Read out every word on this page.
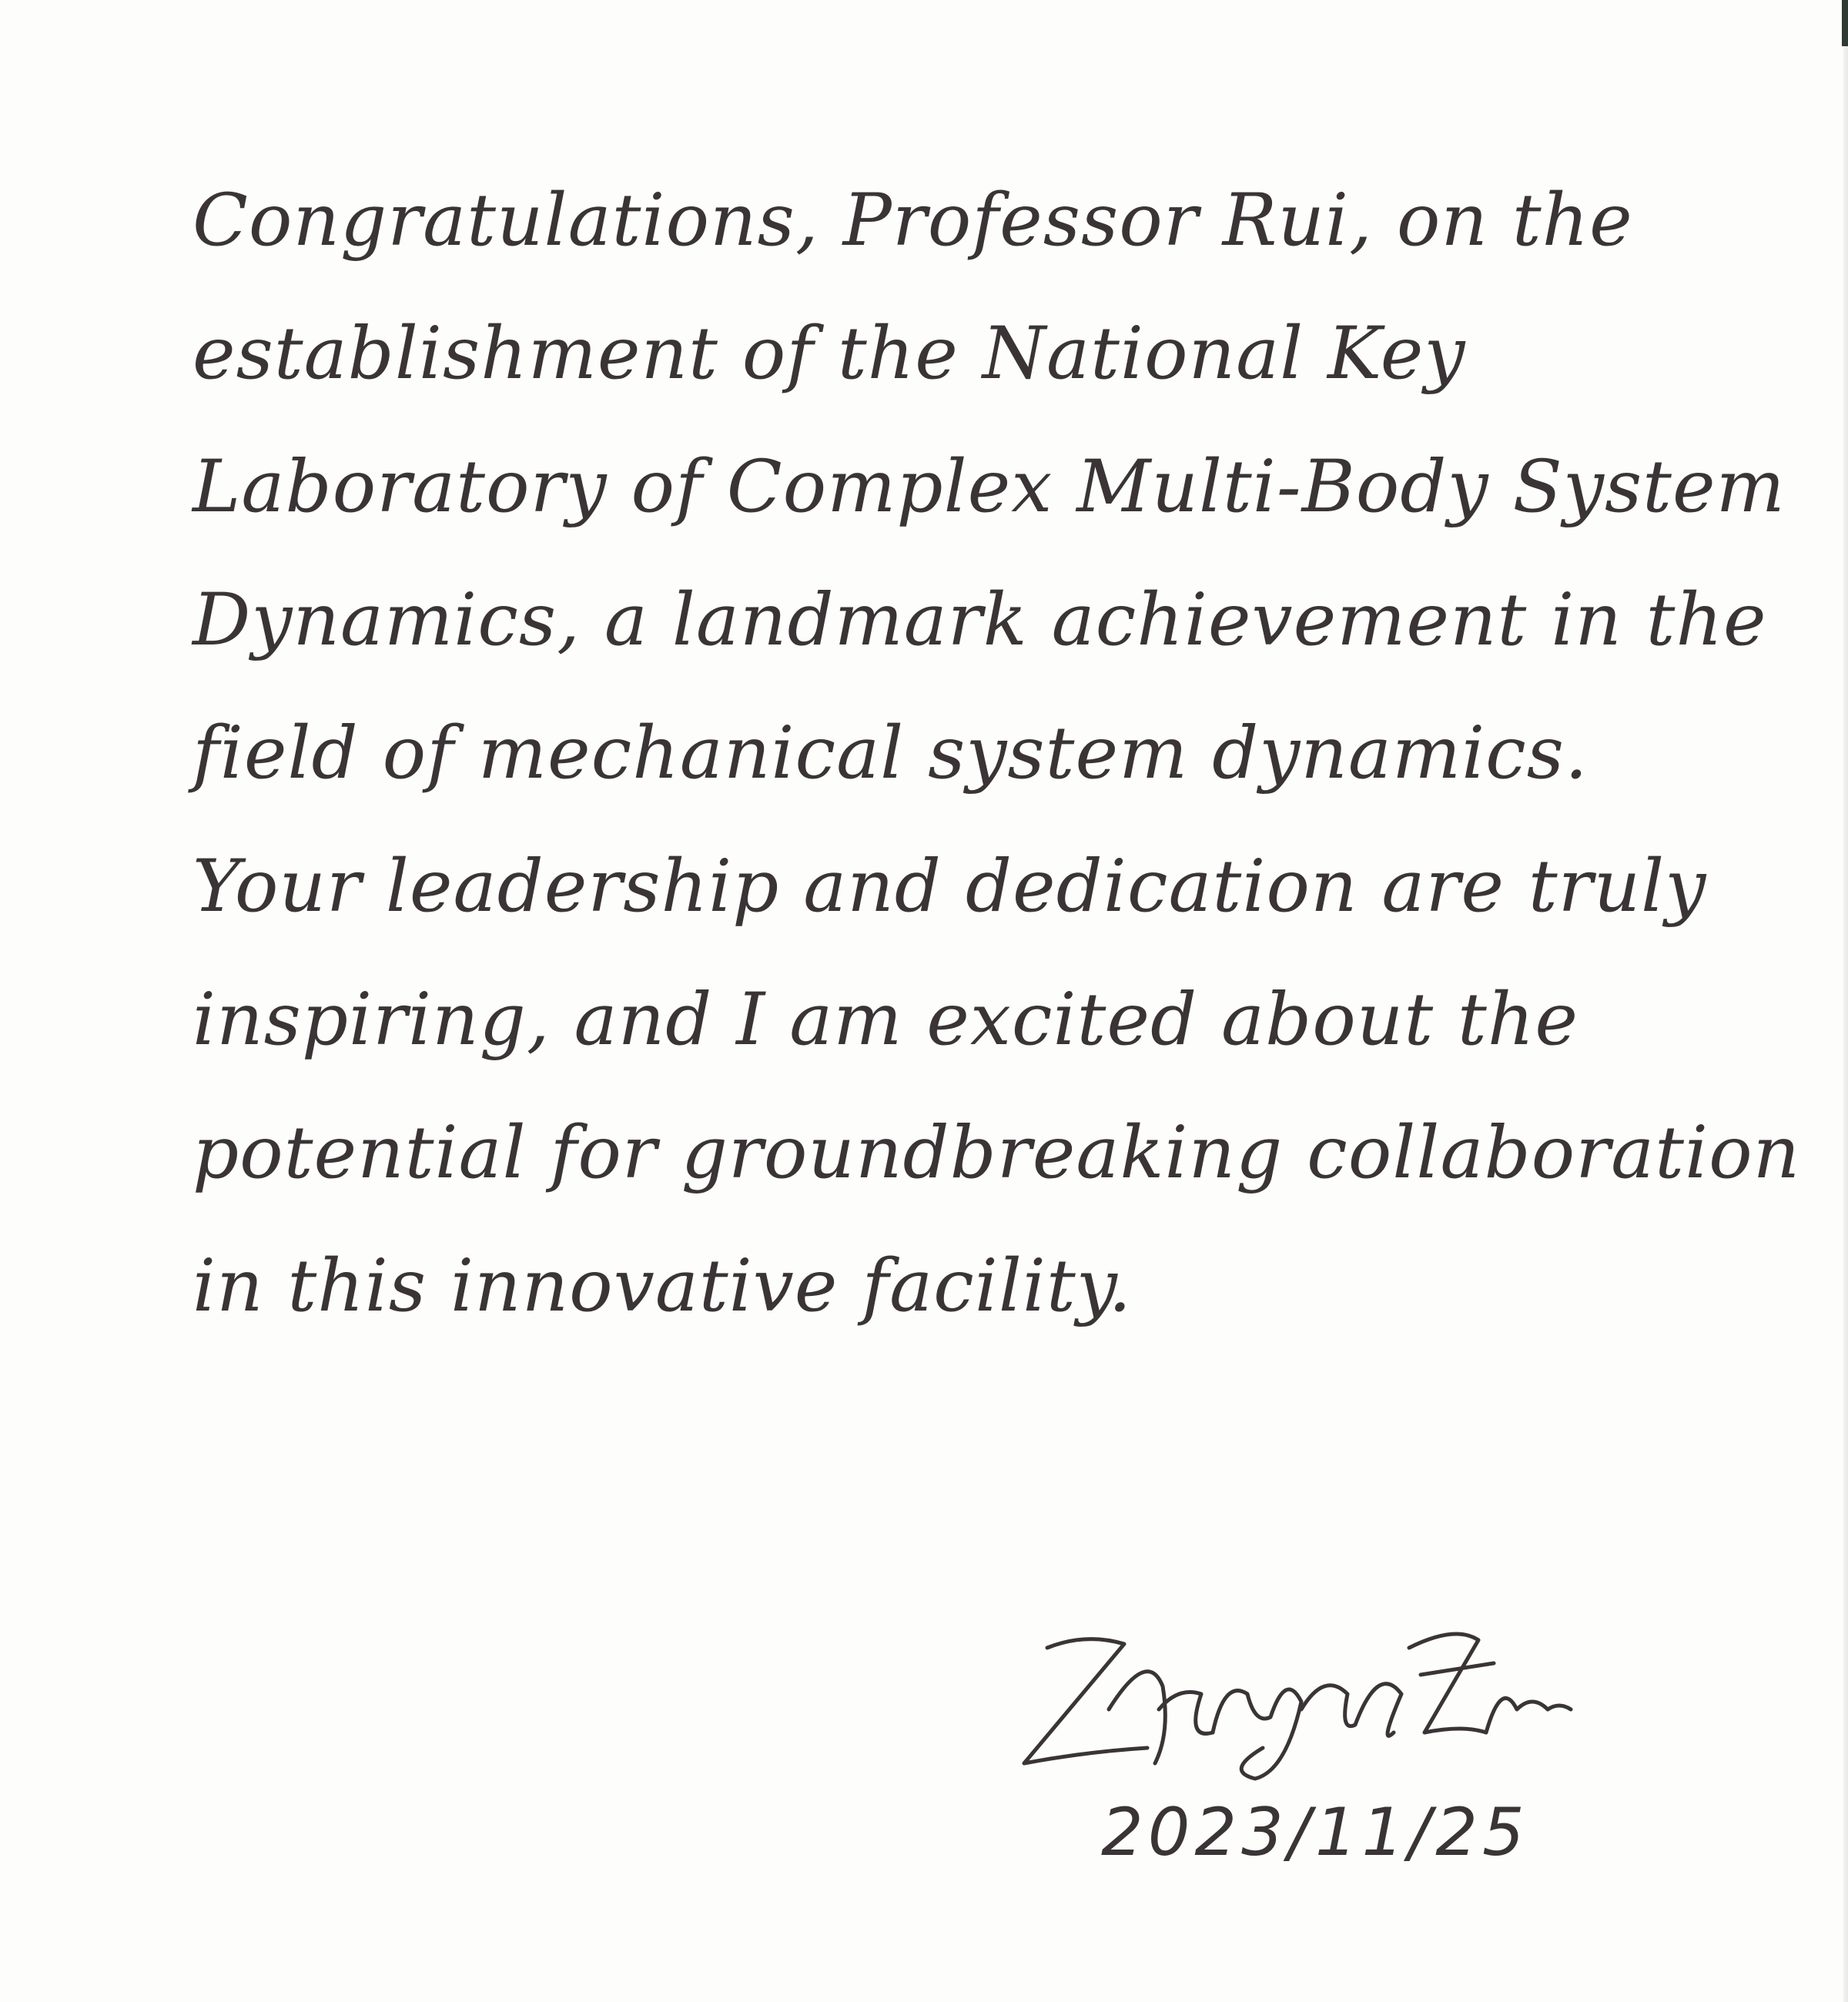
Congratulations, Professor Rui, on the
establishment of the National Key
Laboratory of Complex Multi-Body System
Dynamics, a landmark achievement in the
field of mechanical system dynamics.
Your leadership and dedication are truly
inspiring, and I am excited about the
potential for groundbreaking collaboration
in this innovative facility.
2023/11/25
